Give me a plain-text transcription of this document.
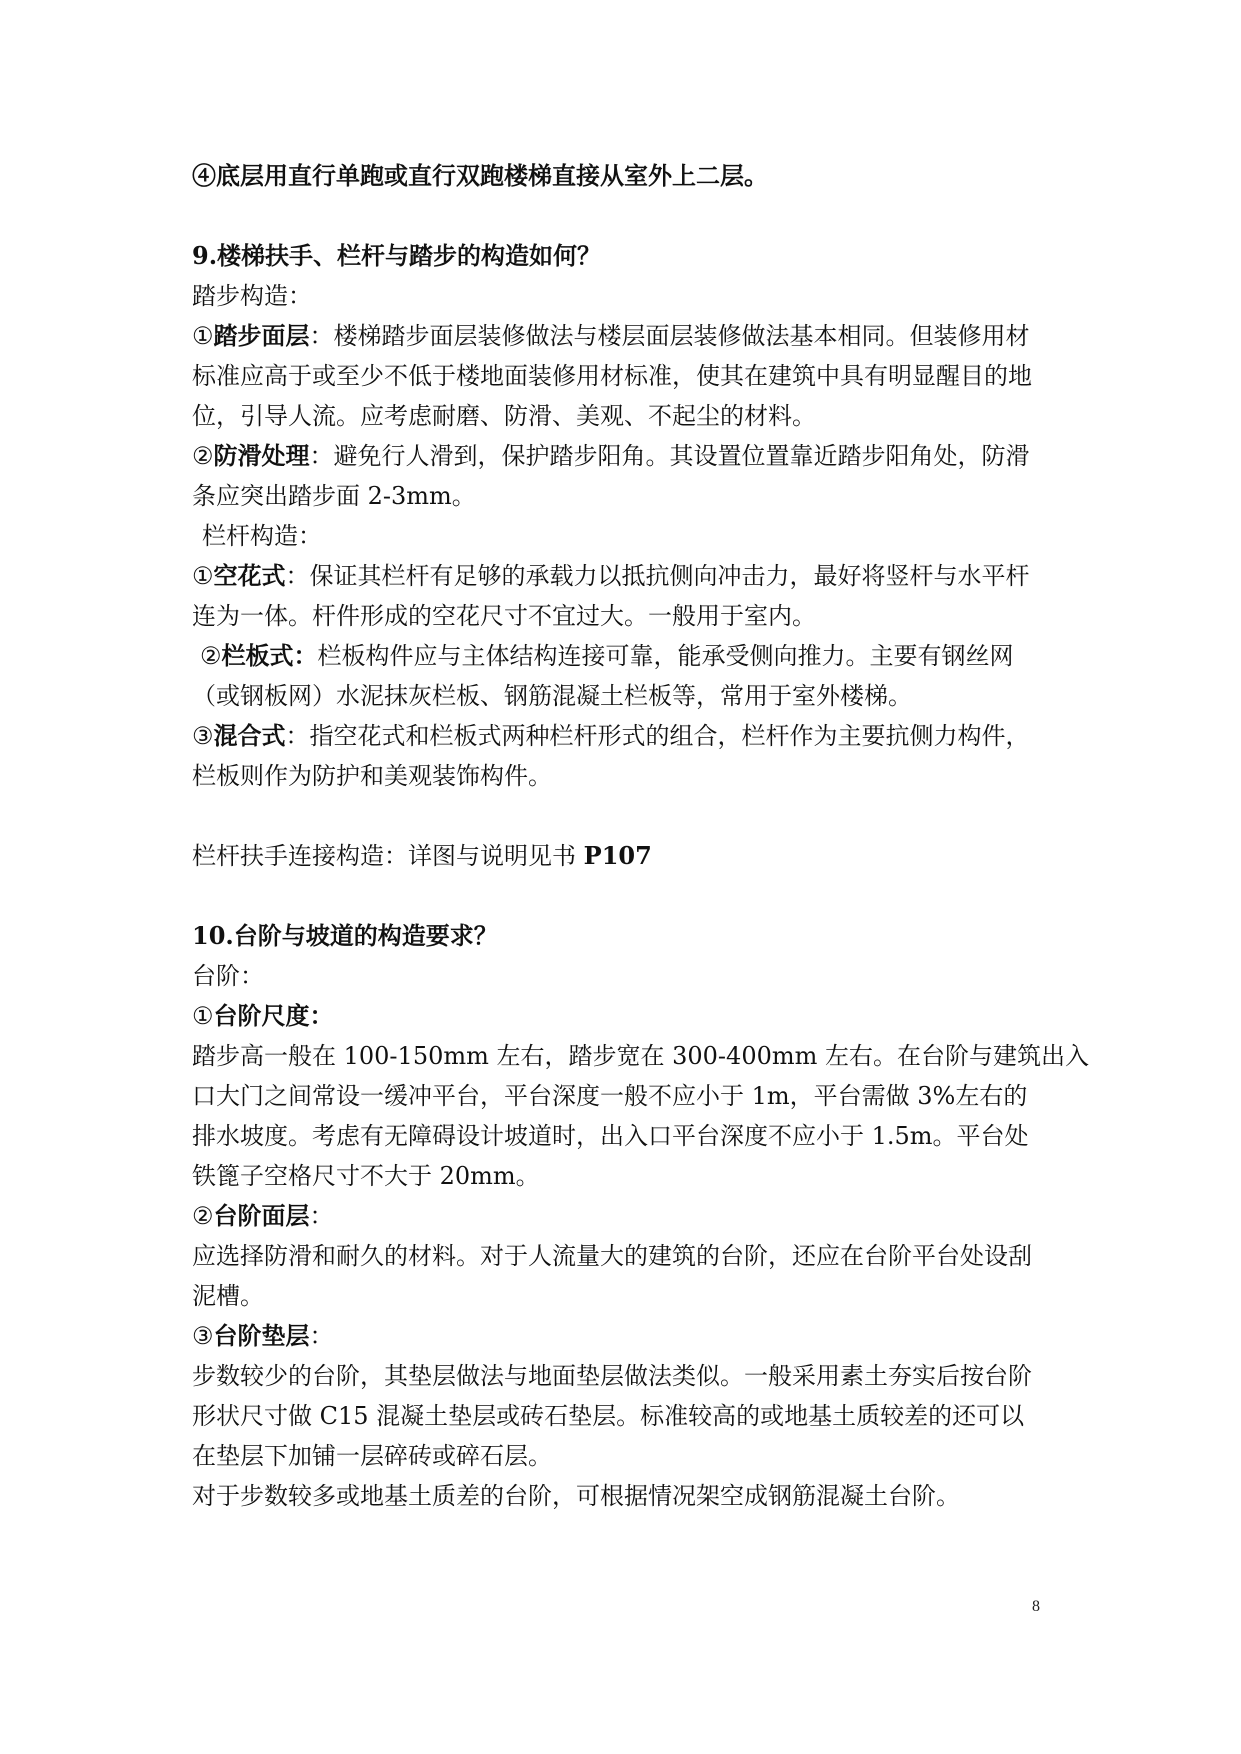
④底层用直行单跑或直行双跑楼梯直接从室外上二层。
9.楼梯扶手、栏杆与踏步的构造如何？
踏步构造：
①踏步面层：楼梯踏步面层装修做法与楼层面层装修做法基本相同。但装修用材
标准应高于或至少不低于楼地面装修用材标准，使其在建筑中具有明显醒目的地
位，引导人流。应考虑耐磨、防滑、美观、不起尘的材料。
②防滑处理：避免行人滑到，保护踏步阳角。其设置位置靠近踏步阳角处，防滑
条应突出踏步面 2-3mm。
栏杆构造：
①空花式：保证其栏杆有足够的承载力以抵抗侧向冲击力，最好将竖杆与水平杆
连为一体。杆件形成的空花尺寸不宜过大。一般用于室内。
②栏板式：栏板构件应与主体结构连接可靠，能承受侧向推力。主要有钢丝网
（或钢板网）水泥抹灰栏板、钢筋混凝土栏板等，常用于室外楼梯。
③混合式：指空花式和栏板式两种栏杆形式的组合，栏杆作为主要抗侧力构件，
栏板则作为防护和美观装饰构件。
栏杆扶手连接构造：详图与说明见书 P107
10.台阶与坡道的构造要求？
台阶：
①台阶尺度：
踏步高一般在 100-150mm 左右，踏步宽在 300-400mm 左右。在台阶与建筑出入
口大门之间常设一缓冲平台，平台深度一般不应小于 1m，平台需做 3%左右的
排水坡度。考虑有无障碍设计坡道时，出入口平台深度不应小于 1.5m。平台处
铁篦子空格尺寸不大于 20mm。
②台阶面层：
应选择防滑和耐久的材料。对于人流量大的建筑的台阶，还应在台阶平台处设刮
泥槽。
③台阶垫层：
步数较少的台阶，其垫层做法与地面垫层做法类似。一般采用素土夯实后按台阶
形状尺寸做 C15 混凝土垫层或砖石垫层。标准较高的或地基土质较差的还可以
在垫层下加铺一层碎砖或碎石层。
对于步数较多或地基土质差的台阶，可根据情况架空成钢筋混凝土台阶。
8
